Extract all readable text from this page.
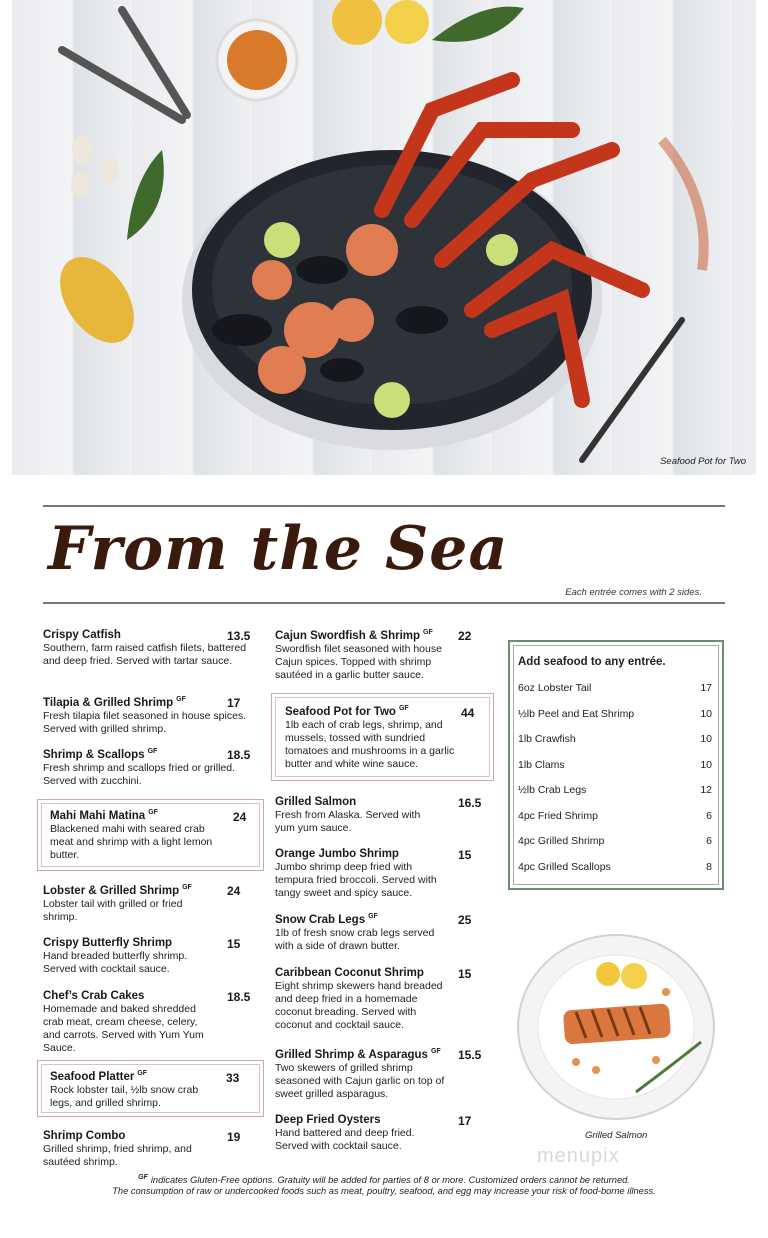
Seafood Pot for Two
From the Sea
Each entrée comes with 2 sides.
Crispy Catfish	13.5
Southern, farm raised catfish filets, battered and deep fried. Served with tartar sauce.
Tilapia & Grilled Shrimp $^{GF}$	17
Fresh tilapia filet seasoned in house spices. Served with grilled shrimp.
Shrimp & Scallops $^{GF}$	18.5
Fresh shrimp and scallops fried or grilled. Served with zucchini.
Mahi Mahi Matina $^{GF}$	24
Blackened mahi with seared crab meat and shrimp with a light lemon butter.
Lobster & Grilled Shrimp $^{GF}$	24
Lobster tail with grilled or fried shrimp.
Crispy Butterfly Shrimp	15
Hand breaded butterfly shrimp. Served with cocktail sauce.
Chef’s Crab Cakes	18.5
Homemade and baked shredded crab meat, cream cheese, celery, and carrots. Served with Yum Yum Sauce.
Seafood Platter $^{GF}$	33
Rock lobster tail, ½lb snow crab legs, and grilled shrimp.
Shrimp Combo	19
Grilled shrimp, fried shrimp, and sautéed shrimp.
Cajun Swordfish & Shrimp $^{GF}$	22
Swordfish filet seasoned with house Cajun spices. Topped with shrimp sautéed in a garlic butter sauce.
Seafood Pot for Two $^{GF}$	44
1lb each of crab legs, shrimp, and mussels, tossed with sundried tomatoes and mushrooms in a garlic butter and white wine sauce.
Grilled Salmon	16.5
Fresh from Alaska. Served with yum yum sauce.
Orange Jumbo Shrimp	15
Jumbo shrimp deep fried with tempura fried broccoli. Served with tangy sweet and spicy sauce.
Snow Crab Legs $^{GF}$	25
1lb of fresh snow crab legs served with a side of drawn butter.
Caribbean Coconut Shrimp	15
Eight shrimp skewers hand breaded and deep fried in a homemade coconut breading. Served with coconut and cocktail sauce.
Grilled Shrimp & Asparagus $^{GF}$	15.5
Two skewers of grilled shrimp seasoned with Cajun garlic on top of sweet grilled asparagus.
Deep Fried Oysters	17
Hand battered and deep fried. Served with cocktail sauce.
Add seafood to any entrée.
6oz Lobster Tail	17
½lb Peel and Eat Shrimp	10
1lb Crawfish	10
1lb Clams	10
½lb Crab Legs	12
4pc Fried Shrimp	6
4pc Grilled Shrimp	6
4pc Grilled Scallops	8
Grilled Salmon
menupix
$^{GF}$ indicates Gluten-Free options. Gratuity will be added for parties of 8 or more. Customized orders cannot be returned.
The consumption of raw or undercooked foods such as meat, poultry, seafood, and egg may increase your risk of food-borne illness.
